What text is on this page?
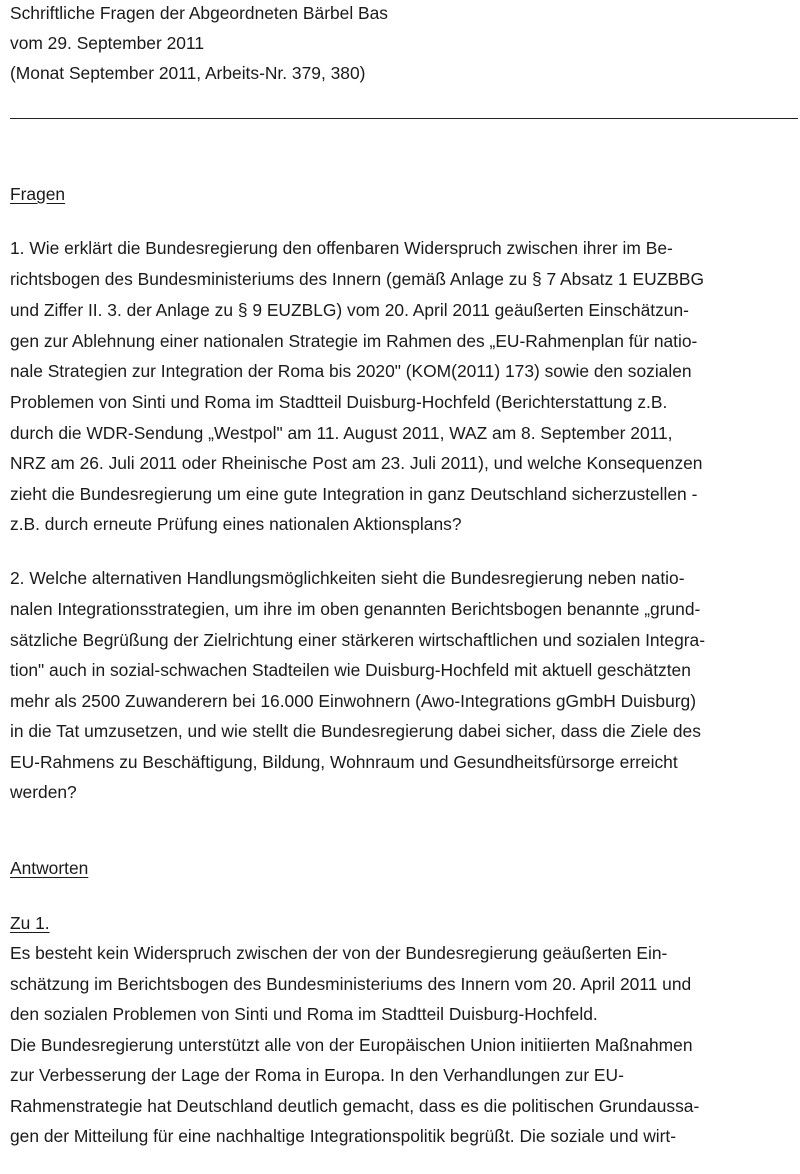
Schriftliche Fragen der Abgeordneten Bärbel Bas
vom 29. September 2011
(Monat September 2011, Arbeits-Nr. 379, 380)
Fragen
1. Wie erklärt die Bundesregierung den offenbaren Widerspruch zwischen ihrer im Be-
richtsbogen des Bundesministeriums des Innern (gemäß Anlage zu § 7 Absatz 1 EUZBBG
und Ziffer II. 3. der Anlage zu § 9 EUZBLG) vom 20. April 2011 geäußerten Einschätzun-
gen zur Ablehnung einer nationalen Strategie im Rahmen des „EU-Rahmenplan für natio-
nale Strategien zur Integration der Roma bis 2020" (KOM(2011) 173) sowie den sozialen
Problemen von Sinti und Roma im Stadtteil Duisburg-Hochfeld (Berichterstattung z.B.
durch die WDR-Sendung „Westpol" am 11. August 2011, WAZ am 8. September 2011,
NRZ am 26. Juli 2011 oder Rheinische Post am 23. Juli 2011), und welche Konsequenzen
zieht die Bundesregierung um eine gute Integration in ganz Deutschland sicherzustellen -
z.B. durch erneute Prüfung eines nationalen Aktionsplans?
2. Welche alternativen Handlungsmöglichkeiten sieht die Bundesregierung neben natio-
nalen Integrationsstrategien, um ihre im oben genannten Berichtsbogen benannte „grund-
sätzliche Begrüßung der Zielrichtung einer stärkeren wirtschaftlichen und sozialen Integra-
tion" auch in sozial-schwachen Stadteilen wie Duisburg-Hochfeld mit aktuell geschätzten
mehr als 2500 Zuwanderern bei 16.000 Einwohnern (Awo-Integrations gGmbH Duisburg)
in die Tat umzusetzen, und wie stellt die Bundesregierung dabei sicher, dass die Ziele des
EU-Rahmens zu Beschäftigung, Bildung, Wohnraum und Gesundheitsfürsorge erreicht
werden?
Antworten
Zu 1.
Es besteht kein Widerspruch zwischen der von der Bundesregierung geäußerten Ein-
schätzung im Berichtsbogen des Bundesministeriums des Innern vom 20. April 2011 und
den sozialen Problemen von Sinti und Roma im Stadtteil Duisburg-Hochfeld.
Die Bundesregierung unterstützt alle von der Europäischen Union initiierten Maßnahmen
zur Verbesserung der Lage der Roma in Europa. In den Verhandlungen zur EU-
Rahmenstrategie hat Deutschland deutlich gemacht, dass es die politischen Grundaussa-
gen der Mitteilung für eine nachhaltige Integrationspolitik begrüßt. Die soziale und wirt-
